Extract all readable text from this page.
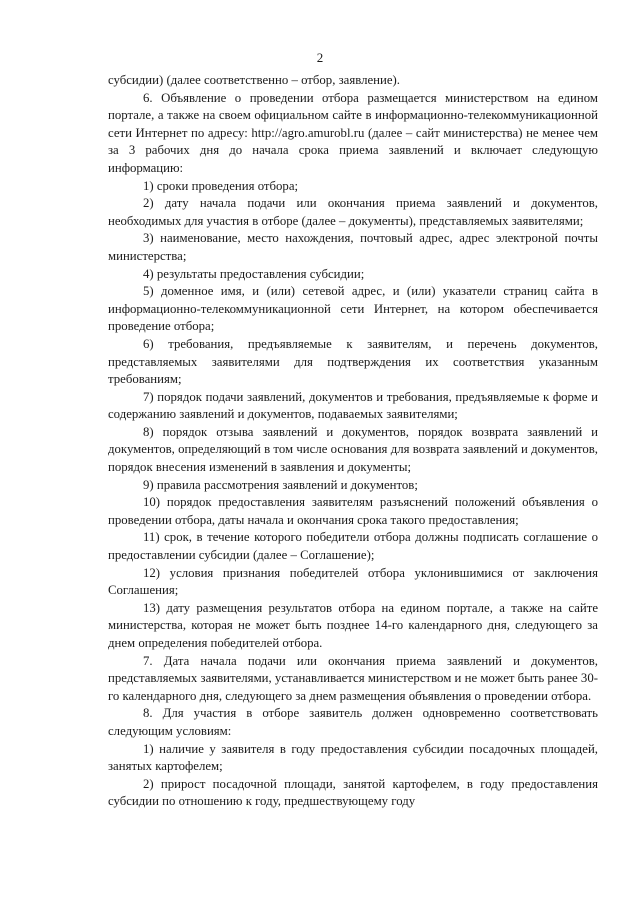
2

субсидии) (далее соответственно – отбор, заявление).

6. Объявление о проведении отбора размещается министерством на едином портале, а также на своем официальном сайте в информационно-телекоммуникационной сети Интернет по адресу: http://agro.amurobl.ru (далее – сайт министерства) не менее чем за 3 рабочих дня до начала срока приема заявлений и включает следующую информацию:

1) сроки проведения отбора;

2) дату начала подачи или окончания приема заявлений и документов, необходимых для участия в отборе (далее – документы), представляемых заявителями;

3) наименование, место нахождения, почтовый адрес, адрес электроной почты министерства;

4) результаты предоставления субсидии;

5) доменное имя, и (или) сетевой адрес, и (или) указатели страниц сайта в информационно-телекоммуникационной сети Интернет, на котором обеспечивается проведение отбора;

6) требования, предъявляемые к заявителям, и перечень документов, представляемых заявителями для подтверждения их соответствия указанным требованиям;

7) порядок подачи заявлений, документов и требования, предъявляемые к форме и содержанию заявлений и документов, подаваемых заявителями;

8) порядок отзыва заявлений и документов, порядок возврата заявлений и документов, определяющий в том числе основания для возврата заявлений и документов, порядок внесения изменений в заявления и документы;

9) правила рассмотрения заявлений и документов;

10) порядок предоставления заявителям разъяснений положений объявления о проведении отбора, даты начала и окончания срока такого предоставления;

11) срок, в течение которого победители отбора должны подписать соглашение о предоставлении субсидии (далее – Соглашение);

12) условия признания победителей отбора уклонившимися от заключения Соглашения;

13) дату размещения результатов отбора на едином портале, а также на сайте министерства, которая не может быть позднее 14-го календарного дня, следующего за днем определения победителей отбора.

7. Дата начала подачи или окончания приема заявлений и документов, представляемых заявителями, устанавливается министерством и не может быть ранее 30-го календарного дня, следующего за днем размещения объявления о проведении отбора.

8. Для участия в отборе заявитель должен одновременно соответствовать следующим условиям:

1) наличие у заявителя в году предоставления субсидии посадочных площадей, занятых картофелем;

2) прирост посадочной площади, занятой картофелем, в году предоставления субсидии по отношению к году, предшествующему году
